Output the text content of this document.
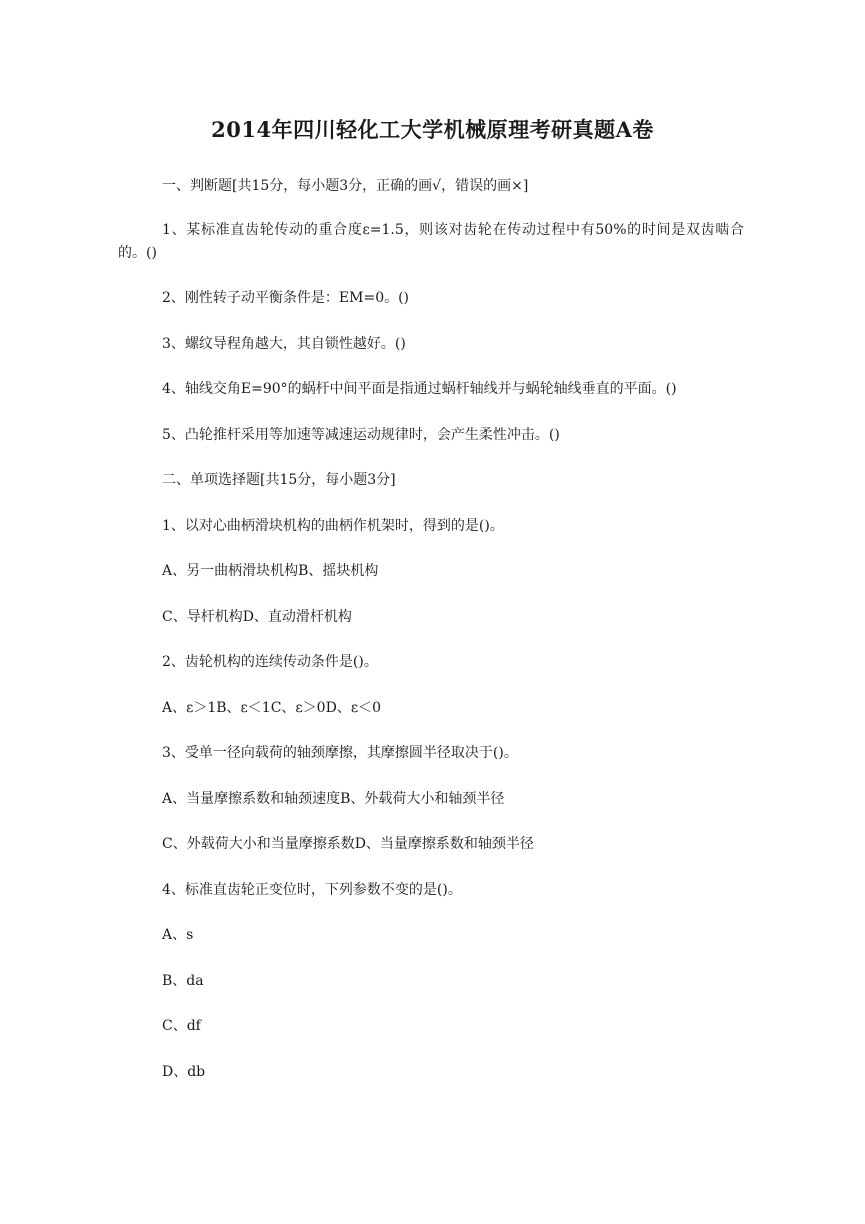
2014年四川轻化工大学机械原理考研真题A卷
一、判断题[共15分，每小题3分，正确的画√，错误的画×]
1、某标准直齿轮传动的重合度ε=1.5，则该对齿轮在传动过程中有50%的时间是双齿啮合的。()
2、刚性转子动平衡条件是：EM=0。()
3、螺纹导程角越大，其自锁性越好。()
4、轴线交角E=90°的蜗杆中间平面是指通过蜗杆轴线并与蜗轮轴线垂直的平面。()
5、凸轮推杆采用等加速等减速运动规律时，会产生柔性冲击。()
二、单项选择题[共15分，每小题3分]
1、以对心曲柄滑块机构的曲柄作机架时，得到的是()。
A、另一曲柄滑块机构B、摇块机构
C、导杆机构D、直动滑杆机构
2、齿轮机构的连续传动条件是()。
A、ε＞1B、ε＜1C、ε＞0D、ε＜0
3、受单一径向载荷的轴颈摩擦，其摩擦圆半径取决于()。
A、当量摩擦系数和轴颈速度B、外载荷大小和轴颈半径
C、外载荷大小和当量摩擦系数D、当量摩擦系数和轴颈半径
4、标准直齿轮正变位时，下列参数不变的是()。
A、s
B、da
C、df
D、db
